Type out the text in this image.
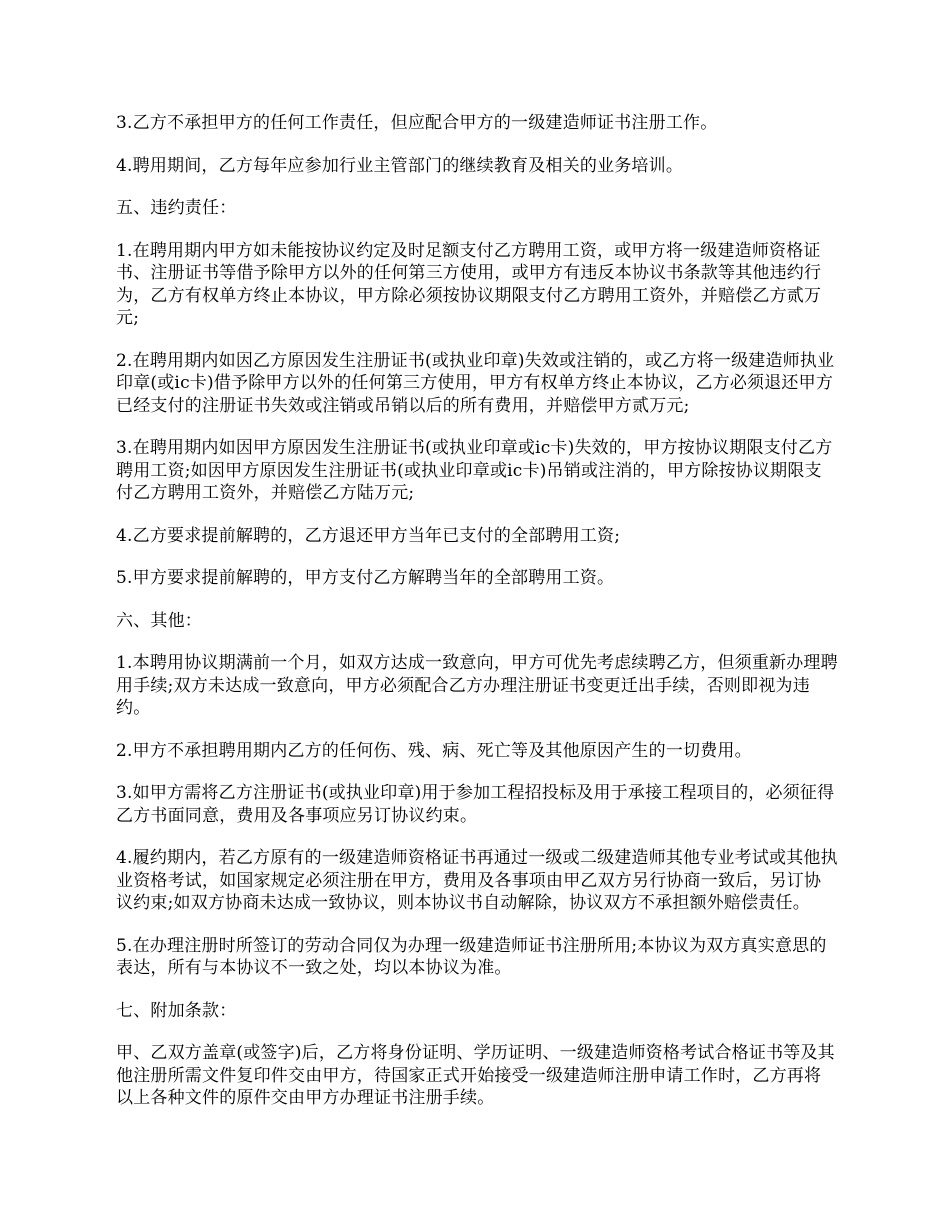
3.乙方不承担甲方的任何工作责任，但应配合甲方的一级建造师证书注册工作。

4.聘用期间，乙方每年应参加行业主管部门的继续教育及相关的业务培训。

五、违约责任：

1.在聘用期内甲方如未能按协议约定及时足额支付乙方聘用工资，或甲方将一级建造师资格证书、注册证书等借予除甲方以外的任何第三方使用，或甲方有违反本协议书条款等其他违约行为，乙方有权单方终止本协议，甲方除必须按协议期限支付乙方聘用工资外，并赔偿乙方贰万元;

2.在聘用期内如因乙方原因发生注册证书(或执业印章)失效或注销的，或乙方将一级建造师执业印章(或ic卡)借予除甲方以外的任何第三方使用，甲方有权单方终止本协议，乙方必须退还甲方已经支付的注册证书失效或注销或吊销以后的所有费用，并赔偿甲方贰万元;

3.在聘用期内如因甲方原因发生注册证书(或执业印章或ic卡)失效的，甲方按协议期限支付乙方聘用工资;如因甲方原因发生注册证书(或执业印章或ic卡)吊销或注消的，甲方除按协议期限支付乙方聘用工资外，并赔偿乙方陆万元;

4.乙方要求提前解聘的，乙方退还甲方当年已支付的全部聘用工资;

5.甲方要求提前解聘的，甲方支付乙方解聘当年的全部聘用工资。

六、其他：

1.本聘用协议期满前一个月，如双方达成一致意向，甲方可优先考虑续聘乙方，但须重新办理聘用手续;双方未达成一致意向，甲方必须配合乙方办理注册证书变更迁出手续，否则即视为违约。

2.甲方不承担聘用期内乙方的任何伤、残、病、死亡等及其他原因产生的一切费用。

3.如甲方需将乙方注册证书(或执业印章)用于参加工程招投标及用于承接工程项目的，必须征得乙方书面同意，费用及各事项应另订协议约束。

4.履约期内，若乙方原有的一级建造师资格证书再通过一级或二级建造师其他专业考试或其他执业资格考试，如国家规定必须注册在甲方，费用及各事项由甲乙双方另行协商一致后，另订协议约束;如双方协商未达成一致协议，则本协议书自动解除，协议双方不承担额外赔偿责任。

5.在办理注册时所签订的劳动合同仅为办理一级建造师证书注册所用;本协议为双方真实意思的表达，所有与本协议不一致之处，均以本协议为准。

七、附加条款：

甲、乙双方盖章(或签字)后，乙方将身份证明、学历证明、一级建造师资格考试合格证书等及其他注册所需文件复印件交由甲方，待国家正式开始接受一级建造师注册申请工作时，乙方再将以上各种文件的原件交由甲方办理证书注册手续。
